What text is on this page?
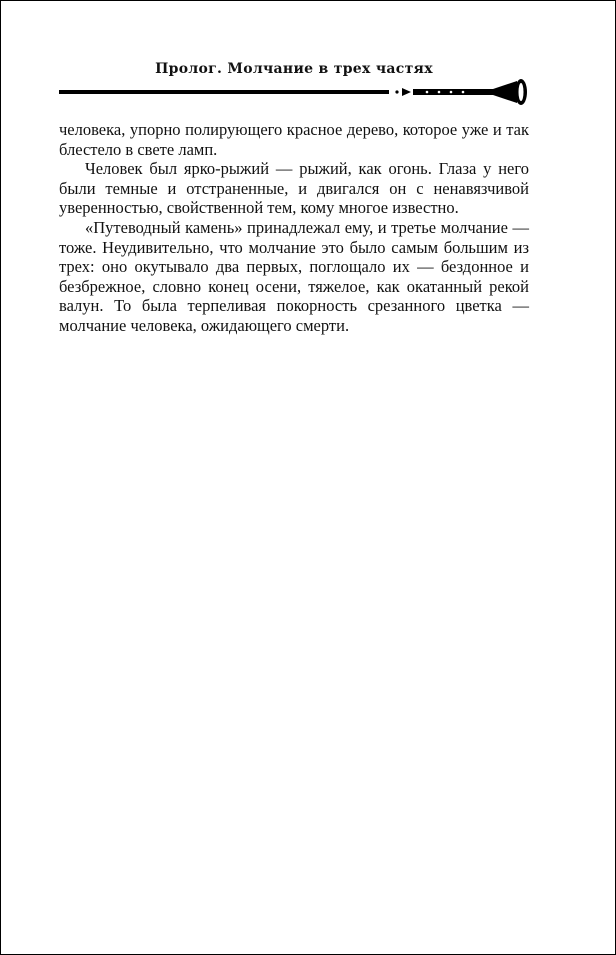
Пролог. Молчание в трех частях

человека, упорно полирующего красное дерево, которое уже и так блестело в свете ламп.

Человек был ярко-рыжий — рыжий, как огонь. Глаза у него были темные и отстраненные, и двигался он с ненавязчивой уверенностью, свойственной тем, кому многое известно.

«Путеводный камень» принадлежал ему, и третье молчание — тоже. Неудивительно, что молчание это было самым большим из трех: оно окутывало два первых, поглощало их — бездонное и безбрежное, словно конец осени, тяжелое, как окатанный рекой валун. То была терпеливая покорность срезанного цветка — молчание человека, ожидающего смерти.
